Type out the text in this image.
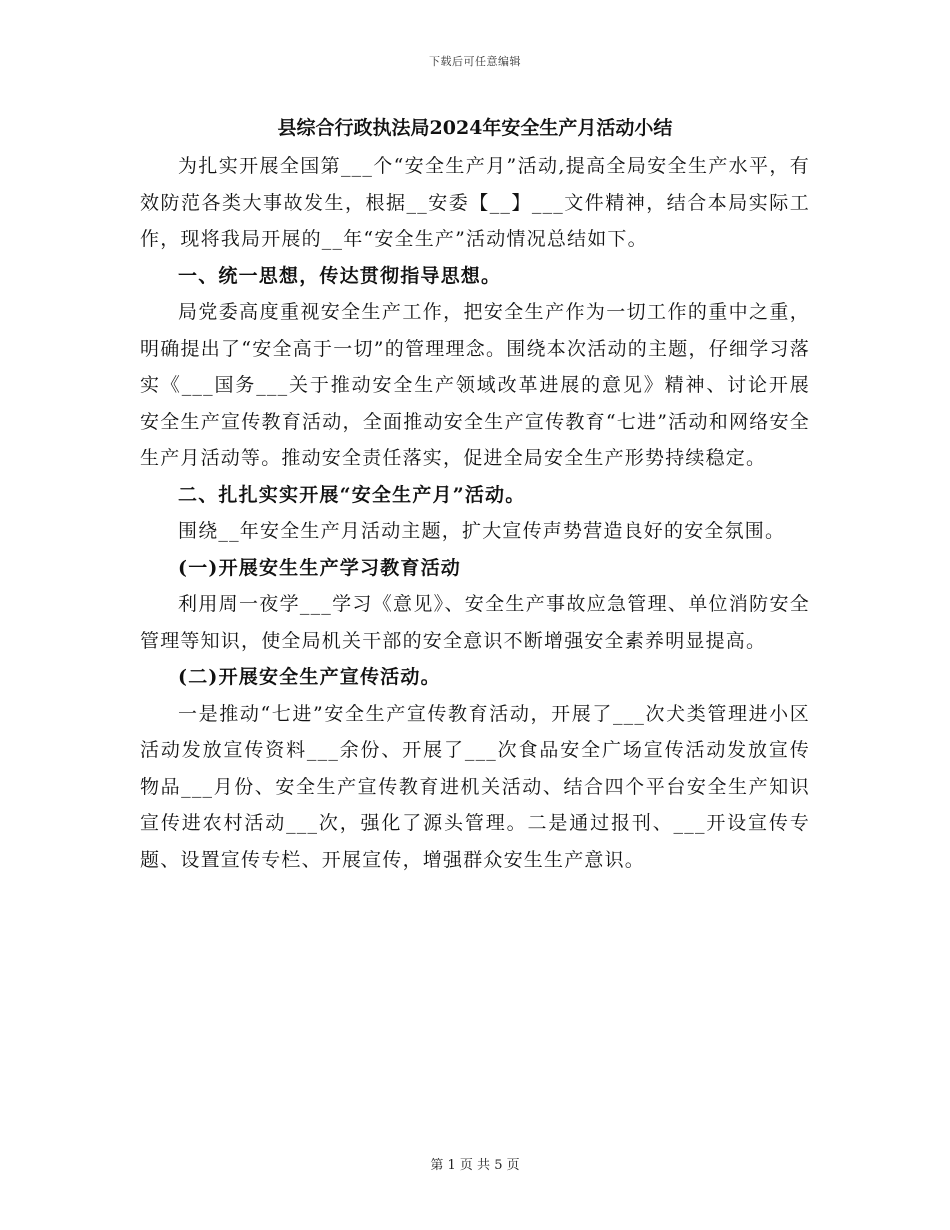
下载后可任意编辑
县综合行政执法局2024年安全生产月活动小结

为扎实开展全国第___个“安全生产月”活动,提高全局安全生产水平，有效防范各类大事故发生，根据__安委【__】___文件精神，结合本局实际工作，现将我局开展的__年“安全生产”活动情况总结如下。

一、统一思想，传达贯彻指导思想。

局党委高度重视安全生产工作，把安全生产作为一切工作的重中之重，明确提出了“安全高于一切”的管理理念。围绕本次活动的主题，仔细学习落实《___国务___关于推动安全生产领域改革进展的意见》精神、讨论开展安全生产宣传教育活动，全面推动安全生产宣传教育“七进”活动和网络安全生产月活动等。推动安全责任落实，促进全局安全生产形势持续稳定。

二、扎扎实实开展“安全生产月”活动。

围绕__年安全生产月活动主题，扩大宣传声势营造良好的安全氛围。

(一)开展安生生产学习教育活动

利用周一夜学___学习《意见》、安全生产事故应急管理、单位消防安全管理等知识，使全局机关干部的安全意识不断增强安全素养明显提高。

(二)开展安全生产宣传活动。

一是推动“七进”安全生产宣传教育活动，开展了___次犬类管理进小区活动发放宣传资料___余份、开展了___次食品安全广场宣传活动发放宣传物品___月份、安全生产宣传教育进机关活动、结合四个平台安全生产知识宣传进农村活动___次，强化了源头管理。二是通过报刊、___开设宣传专题、设置宣传专栏、开展宣传，增强群众安生生产意识。

第 1 页 共 5 页
